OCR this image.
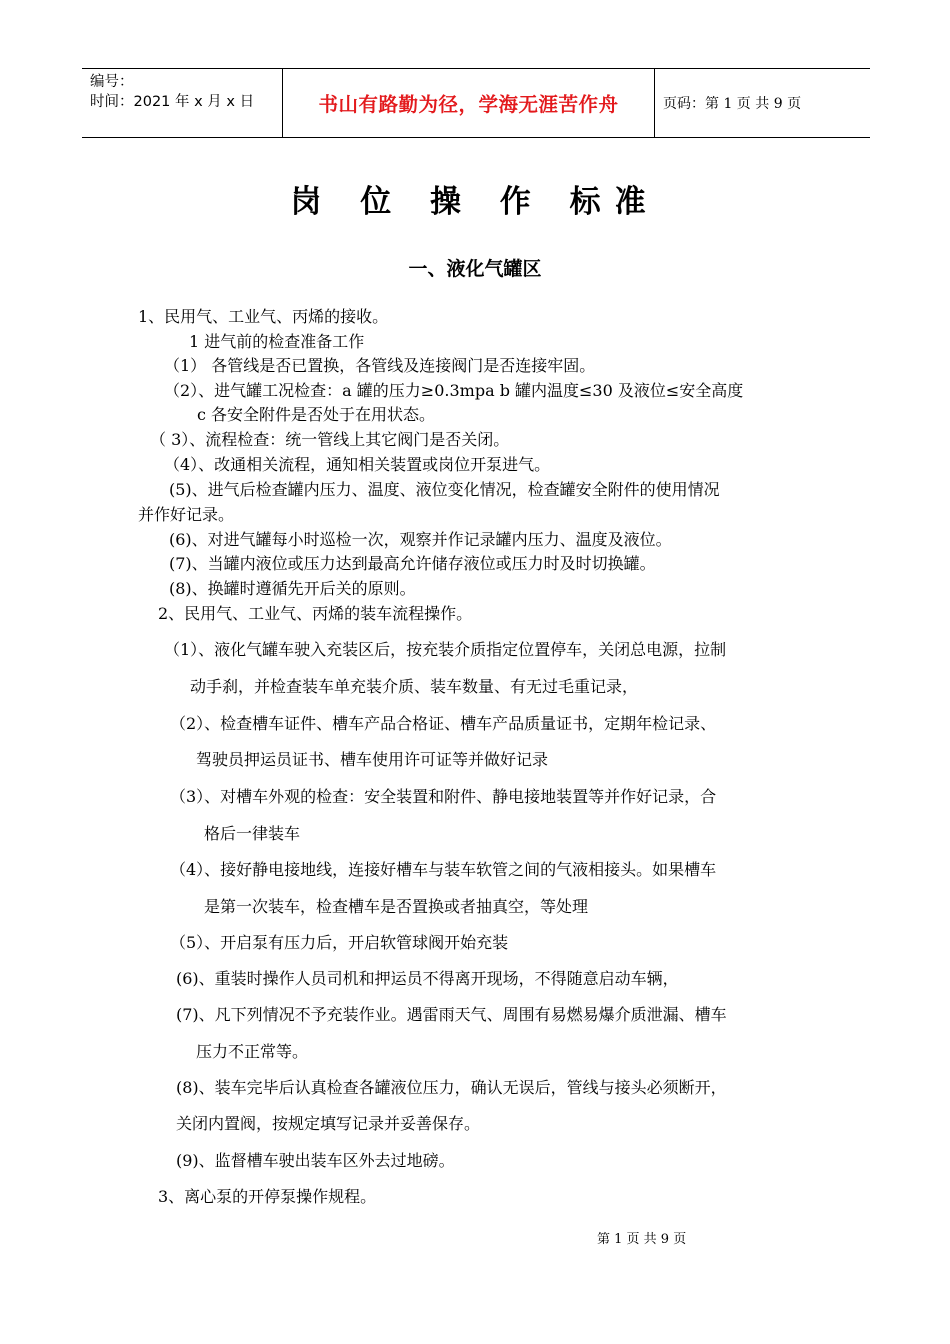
编号：
时间：2021 年 x 月 x 日	书山有路勤为径，学海无涯苦作舟	页码：第 1 页 共 9 页
岗 位 操 作 标准
一、液化气罐区
1、民用气、工业气、丙烯的接收。
1 进气前的检查准备工作
（1） 各管线是否已置换，各管线及连接阀门是否连接牢固。
（2）、进气罐工况检查：a 罐的压力≥0.3mpa b 罐内温度≤30 及液位≤安全高度
c 各安全附件是否处于在用状态。
（ 3）、流程检查：统一管线上其它阀门是否关闭。
（4）、改通相关流程，通知相关装置或岗位开泵进气。
(5)、进气后检查罐内压力、温度、液位变化情况，检查罐安全附件的使用情况
并作好记录。
(6)、对进气罐每小时巡检一次，观察并作记录罐内压力、温度及液位。
(7)、当罐内液位或压力达到最高允许储存液位或压力时及时切换罐。
(8)、换罐时遵循先开后关的原则。
2、民用气、工业气、丙烯的装车流程操作。
（1）、液化气罐车驶入充装区后，按充装介质指定位置停车，关闭总电源，拉制
动手刹，并检查装车单充装介质、装车数量、有无过毛重记录，
（2）、检查槽车证件、槽车产品合格证、槽车产品质量证书，定期年检记录、
驾驶员押运员证书、槽车使用许可证等并做好记录
（3）、对槽车外观的检查：安全装置和附件、静电接地装置等并作好记录，合
格后一律装车
（4）、接好静电接地线，连接好槽车与装车软管之间的气液相接头。如果槽车
是第一次装车，检查槽车是否置换或者抽真空，等处理
（5）、开启泵有压力后，开启软管球阀开始充装
(6)、重装时操作人员司机和押运员不得离开现场，不得随意启动车辆，
(7)、凡下列情况不予充装作业。遇雷雨天气、周围有易燃易爆介质泄漏、槽车
压力不正常等。
(8)、装车完毕后认真检查各罐液位压力，确认无误后，管线与接头必须断开，
关闭内置阀，按规定填写记录并妥善保存。
(9)、监督槽车驶出装车区外去过地磅。
3、离心泵的开停泵操作规程。
第 1 页 共 9 页
